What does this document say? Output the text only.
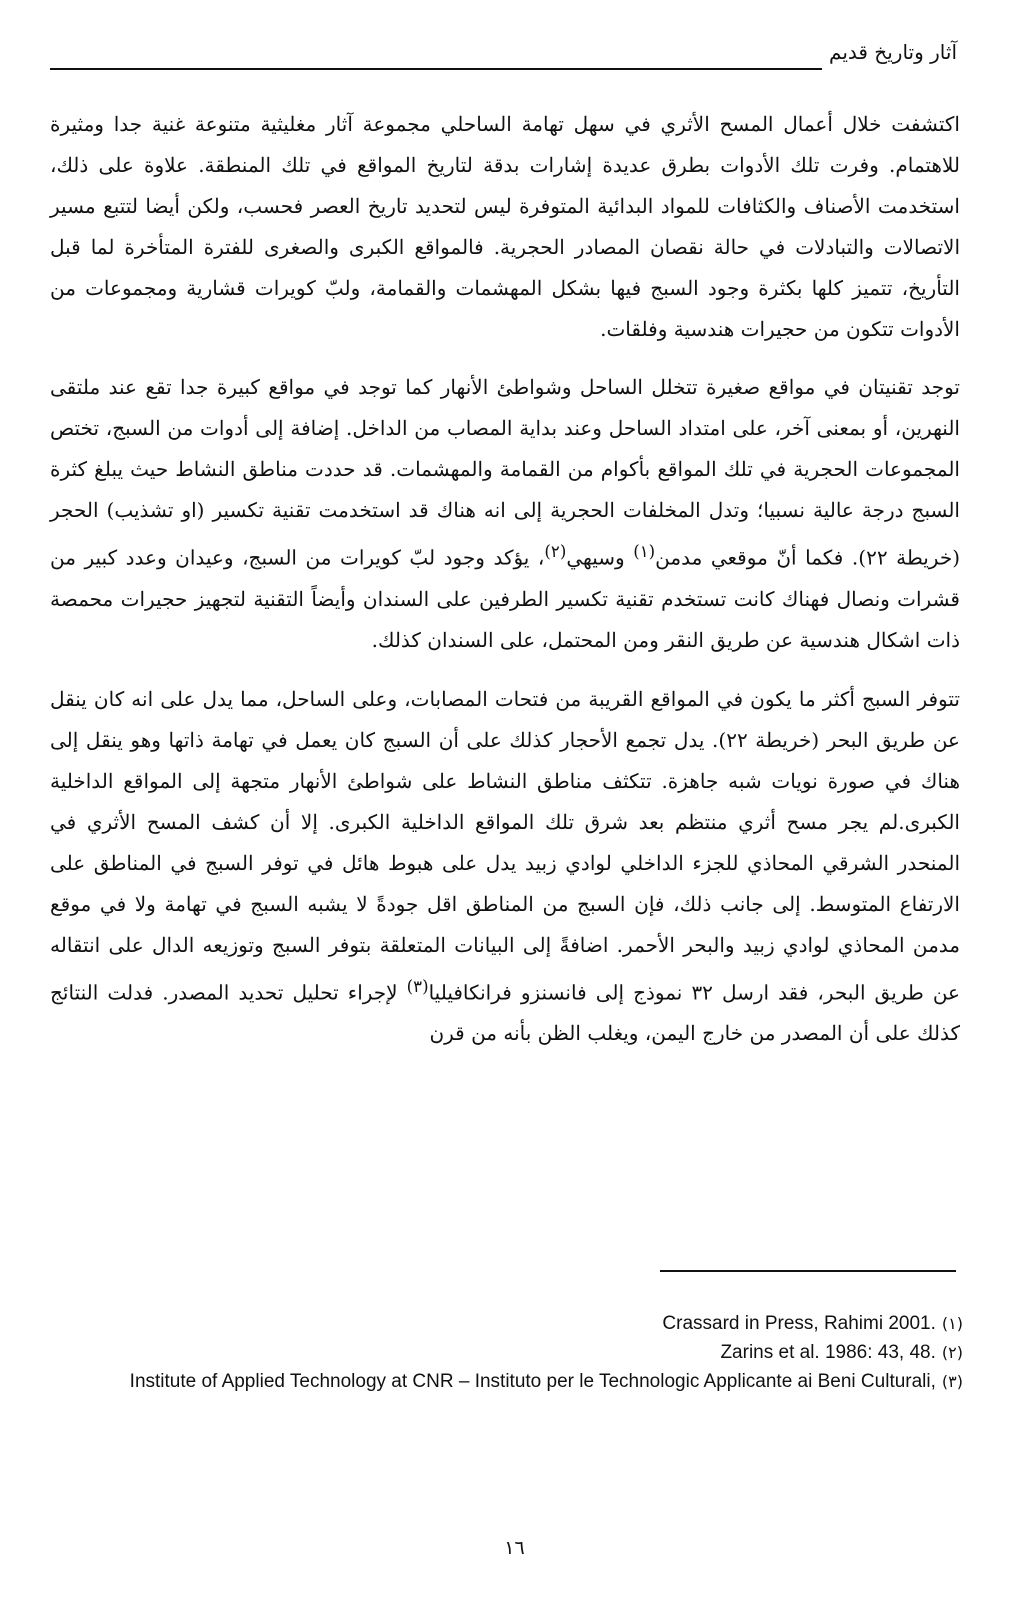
آثار وتاريخ قديم

اكتشفت خلال أعمال المسح الأثري في سهل تهامة الساحلي مجموعة آثار مغليثية متنوعة غنية جدا ومثيرة للاهتمام. وفرت تلك الأدوات بطرق عديدة إشارات بدقة لتاريخ المواقع في تلك المنطقة. علاوة على ذلك، استخدمت الأصناف والكثافات للمواد البدائية المتوفرة ليس لتحديد تاريخ العصر فحسب، ولكن أيضا لتتبع مسير الاتصالات والتبادلات في حالة نقصان المصادر الحجرية. فالمواقع الكبرى والصغرى للفترة المتأخرة لما قبل التأريخ، تتميز كلها بكثرة وجود السبج فيها بشكل المهشمات والقمامة، ولبّ كويرات قشارية ومجموعات من الأدوات تتكون من حجيرات هندسية وفلقات.

توجد تقنيتان في مواقع صغيرة تتخلل الساحل وشواطئ الأنهار كما توجد في مواقع كبيرة جدا تقع عند ملتقى النهرين، أو بمعنى آخر، على امتداد الساحل وعند بداية المصاب من الداخل. إضافة إلى أدوات من السبج، تختص المجموعات الحجرية في تلك المواقع بأكوام من القمامة والمهشمات. قد حددت مناطق النشاط حيث يبلغ كثرة السبج درجة عالية نسبيا؛ وتدل المخلفات الحجرية إلى انه هناك قد استخدمت تقنية تكسير (او تشذيب) الحجر (خريطة ٢٢). فكما أنّ موقعي مدمن$^{(١)}$ وسيهي$^{(٢)}$، يؤكد وجود لبّ كويرات من السبج، وعيدان وعدد كبير من قشرات ونصال فهناك كانت تستخدم تقنية تكسير الطرفين على السندان وأيضاً التقنية لتجهيز حجيرات محمصة ذات اشكال هندسية عن طريق النقر ومن المحتمل، على السندان كذلك.

تتوفر السبج أكثر ما يكون في المواقع القريبة من فتحات المصابات، وعلى الساحل، مما يدل على انه كان ينقل عن طريق البحر (خريطة ٢٢). يدل تجمع الأحجار كذلك على أن السبج كان يعمل في تهامة ذاتها وهو ينقل إلى هناك في صورة نويات شبه جاهزة. تتكثف مناطق النشاط على شواطئ الأنهار متجهة إلى المواقع الداخلية الكبرى.لم يجر مسح أثري منتظم بعد شرق تلك المواقع الداخلية الكبرى. إلا أن كشف المسح الأثري في المنحدر الشرقي المحاذي للجزء الداخلي لوادي زبيد يدل على هبوط هائل في توفر السبج في المناطق على الارتفاع المتوسط. إلى جانب ذلك، فإن السبج من المناطق اقل جودةً لا يشبه السبج في تهامة ولا في موقع مدمن المحاذي لوادي زبيد والبحر الأحمر. اضافةً إلى البيانات المتعلقة بتوفر السبج وتوزيعه الدال على انتقاله عن طريق البحر، فقد ارسل ٣٢ نموذج إلى فانسنزو فرانكافيليا$^{(٣)}$ لإجراء تحليل تحديد المصدر. فدلت النتائج كذلك على أن المصدر من خارج اليمن، ويغلب الظن بأنه من قرن

Crassard in Press, Rahimi 2001. (١)

Zarins et al. 1986: 43, 48. (٢)

Institute of Applied Technology at CNR – Instituto per le Technologic Applicante ai Beni Culturali, (٣)

١٦
